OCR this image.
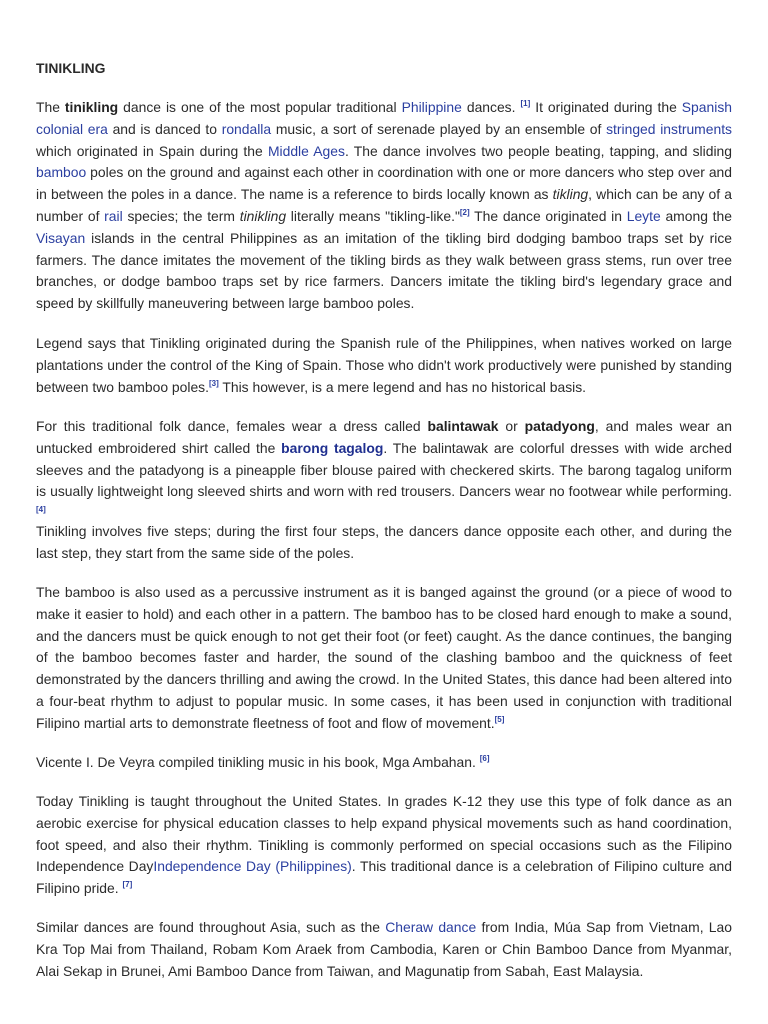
TINIKLING

The tinikling dance is one of the most popular traditional Philippine dances. [1] It originated during the Spanish colonial era and is danced to rondalla music, a sort of serenade played by an ensemble of stringed instruments which originated in Spain during the Middle Ages. The dance involves two people beating, tapping, and sliding bamboo poles on the ground and against each other in coordination with one or more dancers who step over and in between the poles in a dance. The name is a reference to birds locally known as tikling, which can be any of a number of rail species; the term tinikling literally means "tikling-like."[2] The dance originated in Leyte among the Visayan islands in the central Philippines as an imitation of the tikling bird dodging bamboo traps set by rice farmers. The dance imitates the movement of the tikling birds as they walk between grass stems, run over tree branches, or dodge bamboo traps set by rice farmers. Dancers imitate the tikling bird's legendary grace and speed by skillfully maneuvering between large bamboo poles.

Legend says that Tinikling originated during the Spanish rule of the Philippines, when natives worked on large plantations under the control of the King of Spain. Those who didn't work productively were punished by standing between two bamboo poles.[3] This however, is a mere legend and has no historical basis.

For this traditional folk dance, females wear a dress called balintawak or patadyong, and males wear an untucked embroidered shirt called the barong tagalog. The balintawak are colorful dresses with wide arched sleeves and the patadyong is a pineapple fiber blouse paired with checkered skirts. The barong tagalog uniform is usually lightweight long sleeved shirts and worn with red trousers. Dancers wear no footwear while performing.[4]

Tinikling involves five steps; during the first four steps, the dancers dance opposite each other, and during the last step, they start from the same side of the poles.

The bamboo is also used as a percussive instrument as it is banged against the ground (or a piece of wood to make it easier to hold) and each other in a pattern. The bamboo has to be closed hard enough to make a sound, and the dancers must be quick enough to not get their foot (or feet) caught. As the dance continues, the banging of the bamboo becomes faster and harder, the sound of the clashing bamboo and the quickness of feet demonstrated by the dancers thrilling and awing the crowd. In the United States, this dance had been altered into a four-beat rhythm to adjust to popular music. In some cases, it has been used in conjunction with traditional Filipino martial arts to demonstrate fleetness of foot and flow of movement.[5]

Vicente I. De Veyra compiled tinikling music in his book, Mga Ambahan. [6]

Today Tinikling is taught throughout the United States. In grades K-12 they use this type of folk dance as an aerobic exercise for physical education classes to help expand physical movements such as hand coordination, foot speed, and also their rhythm. Tinikling is commonly performed on special occasions such as the Filipino Independence DayIndependence Day (Philippines). This traditional dance is a celebration of Filipino culture and Filipino pride. [7]

Similar dances are found throughout Asia, such as the Cheraw dance from India, Múa Sap from Vietnam, Lao Kra Top Mai from Thailand, Robam Kom Araek from Cambodia, Karen or Chin Bamboo Dance from Myanmar, Alai Sekap in Brunei, Ami Bamboo Dance from Taiwan, and Magunatip from Sabah, East Malaysia.
